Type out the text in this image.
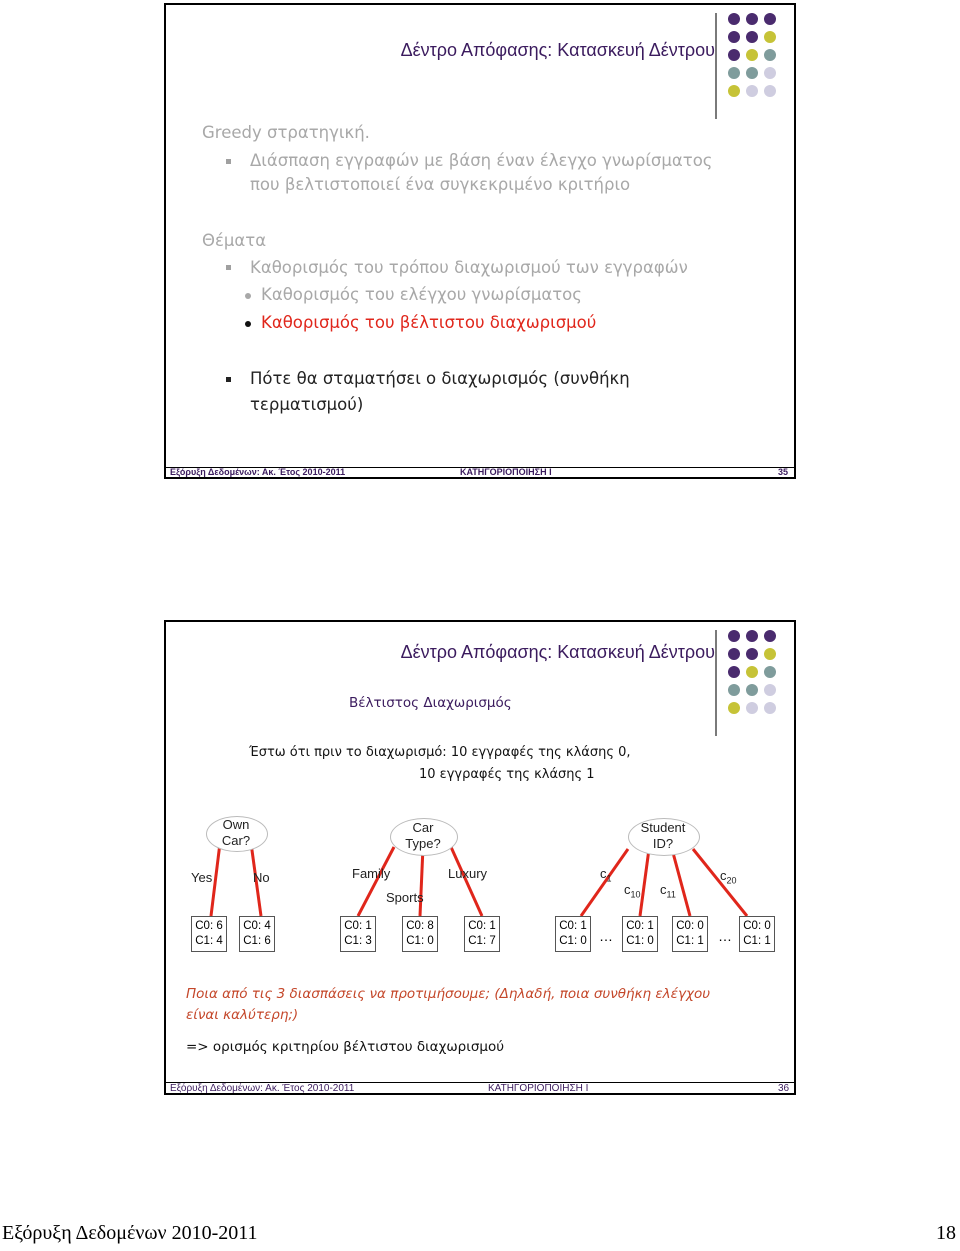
Δέντρο Απόφασης: Κατασκευή Δέντρου
Greedy στρατηγική.
Διάσπαση εγγραφών με βάση έναν έλεγχο γνωρίσματος
που βελτιστοποιεί ένα συγκεκριμένο κριτήριο
Θέματα
Καθορισμός του τρόπου διαχωρισμού των εγγραφών
Καθορισμός του ελέγχου γνωρίσματος
Καθορισμός του βέλτιστου διαχωρισμού
Πότε θα σταματήσει ο διαχωρισμός (συνθήκη
τερματισμού)
Εξόρυξη Δεδομένων: Ακ. Έτος 2010-2011	ΚΑΤΗΓΟΡΙΟΠΟΙΗΣΗ Ι	35
Δέντρο Απόφασης: Κατασκευή Δέντρου
Βέλτιστος Διαχωρισμός
Έστω ότι πριν το διαχωρισμό: 10 εγγραφές της κλάσης 0,
10 εγγραφές της κλάσης 1
Own
Car?
Yes	No
C0: 6
C1: 4
C0: 4
C1: 6
Car
Type?
Family
Sports
Luxury
C0: 1
C1: 3
C0: 8
C1: 0
C0: 1
C1: 7
Student
ID?
$c_1$
$c_{10}$ $c_{11}$
$c_{20}$
C0: 1
C1: 0 …
C0: 1
C1: 0
C0: 0
C1: 1 …
C0: 0
C1: 1
Ποια από τις 3 διασπάσεις να προτιμήσουμε; (Δηλαδή, ποια συνθήκη ελέγχου
είναι καλύτερη;)
=> ορισμός κριτηρίου βέλτιστου διαχωρισμού
Εξόρυξη Δεδομένων: Ακ. Έτος 2010-2011	ΚΑΤΗΓΟΡΙΟΠΟΙΗΣΗ Ι	36
Εξόρυξη Δεδομένων 2010-2011	18
